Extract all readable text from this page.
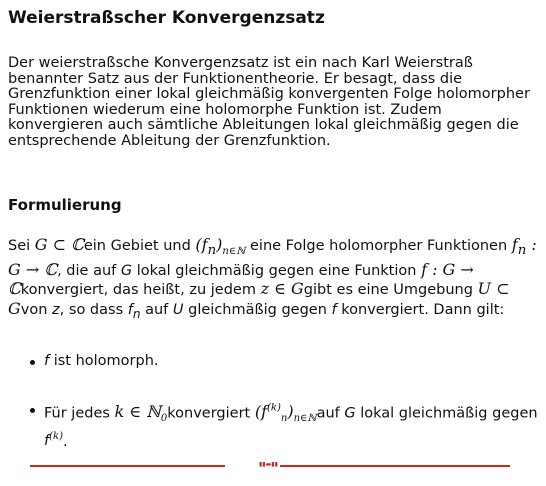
Weierstraßscher Konvergenzsatz

Der weierstraßsche Konvergenzsatz ist ein nach Karl Weierstraß benannter Satz aus der Funktionentheorie. Er besagt, dass die Grenzfunktion einer lokal gleichmäßig konvergenten Folge holomorpher Funktionen wiederum eine holomorphe Funktion ist. Zudem konvergieren auch sämtliche Ableitungen lokal gleichmäßig gegen die entsprechende Ableitung der Grenzfunktion.

Formulierung

Sei G ⊂ ℂein Gebiet und $(f_n)_{n\in ℕ}$ eine Folge holomorpher Funktionen $f_n$ : G → ℂ, die auf G lokal gleichmäßig gegen eine Funktion f : G → ℂkonvergiert, das heißt, zu jedem z ∈ Ggibt es eine Umgebung U ⊂ Gvon z, so dass $f_n$ auf U gleichmäßig gegen f konvergiert. Dann gilt:

f ist holomorph.
Für jedes k ∈ ℕ$_0$konvergiert $(f^{(k)}_n)_{n\in ℕ}auf$ G lokal gleichmäßig gegen $f^{(k)}$.
▮▮▬▮▮
